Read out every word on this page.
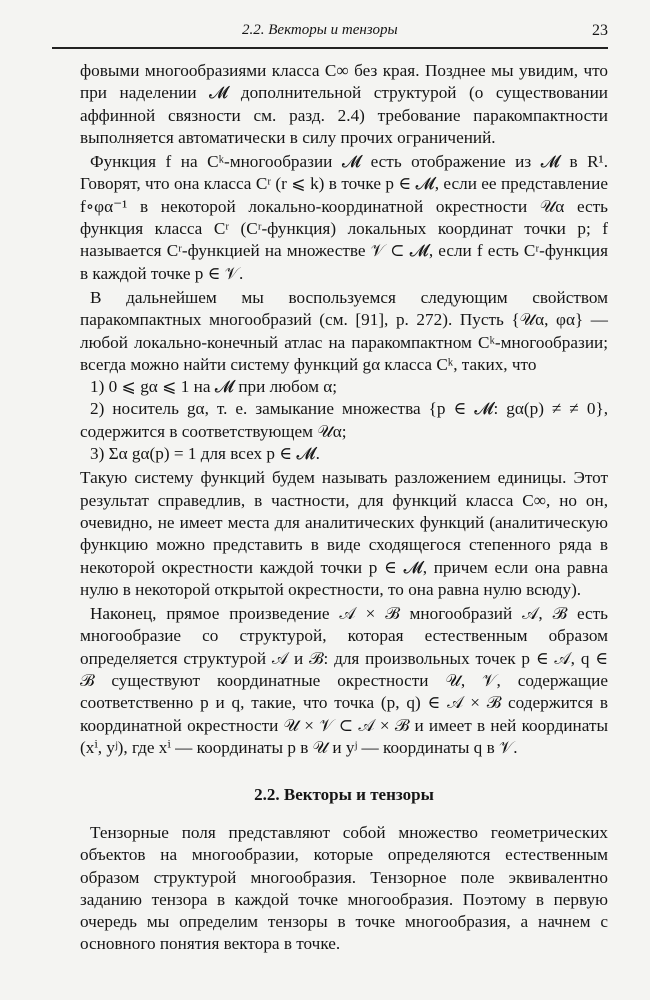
2.2. Векторы и тензоры	23

фовыми многообразиями класса C∞ без края. Позднее мы увидим, что при наделении 𝓜 дополнительной структурой (о существовании аффинной связности см. разд. 2.4) требование паракомпактности выполняется автоматически в силу прочих ограничений.

Функция f на Cᵏ-многообразии 𝓜 есть отображение из 𝓜 в R¹. Говорят, что она класса Cʳ (r ⩽ k) в точке p ∈ 𝓜, если ее представление f∘φα⁻¹ в некоторой локально-координатной окрестности 𝒰α есть функция класса Cʳ (Cʳ-функция) локальных координат точки p; f называется Cʳ-функцией на множестве 𝒱 ⊂ 𝓜, если f есть Cʳ-функция в каждой точке p ∈ 𝒱.

В дальнейшем мы воспользуемся следующим свойством паракомпактных многообразий (см. [91], р. 272). Пусть {𝒰α, φα} — любой локально-конечный атлас на паракомпактном Cᵏ-многообразии; всегда можно найти систему функций gα класса Cᵏ, таких, что

1) 0 ⩽ gα ⩽ 1 на 𝓜 при любом α;

2) носитель gα, т. е. замыкание множества {p ∈ 𝓜: gα(p) ≠ ≠ 0}, содержится в соответствующем 𝒰α;

3) Σα gα(p) = 1 для всех p ∈ 𝓜.

Такую систему функций будем называть разложением единицы. Этот результат справедлив, в частности, для функций класса C∞, но он, очевидно, не имеет места для аналитических функций (аналитическую функцию можно представить в виде сходящегося степенного ряда в некоторой окрестности каждой точки p ∈ 𝓜, причем если она равна нулю в некоторой открытой окрестности, то она равна нулю всюду).

Наконец, прямое произведение 𝒜 × ℬ многообразий 𝒜, ℬ есть многообразие со структурой, которая естественным образом определяется структурой 𝒜 и ℬ: для произвольных точек p ∈ 𝒜, q ∈ ℬ существуют координатные окрестности 𝒰, 𝒱, содержащие соответственно p и q, такие, что точка (p, q) ∈ 𝒜 × ℬ содержится в координатной окрестности 𝒰 × 𝒱 ⊂ 𝒜 × ℬ и имеет в ней координаты (xⁱ, yʲ), где xⁱ — координаты p в 𝒰 и yʲ — координаты q в 𝒱.

2.2. Векторы и тензоры

Тензорные поля представляют собой множество геометрических объектов на многообразии, которые определяются естественным образом структурой многообразия. Тензорное поле эквивалентно заданию тензора в каждой точке многообразия. Поэтому в первую очередь мы определим тензоры в точке многообразия, а начнем с основного понятия вектора в точке.
